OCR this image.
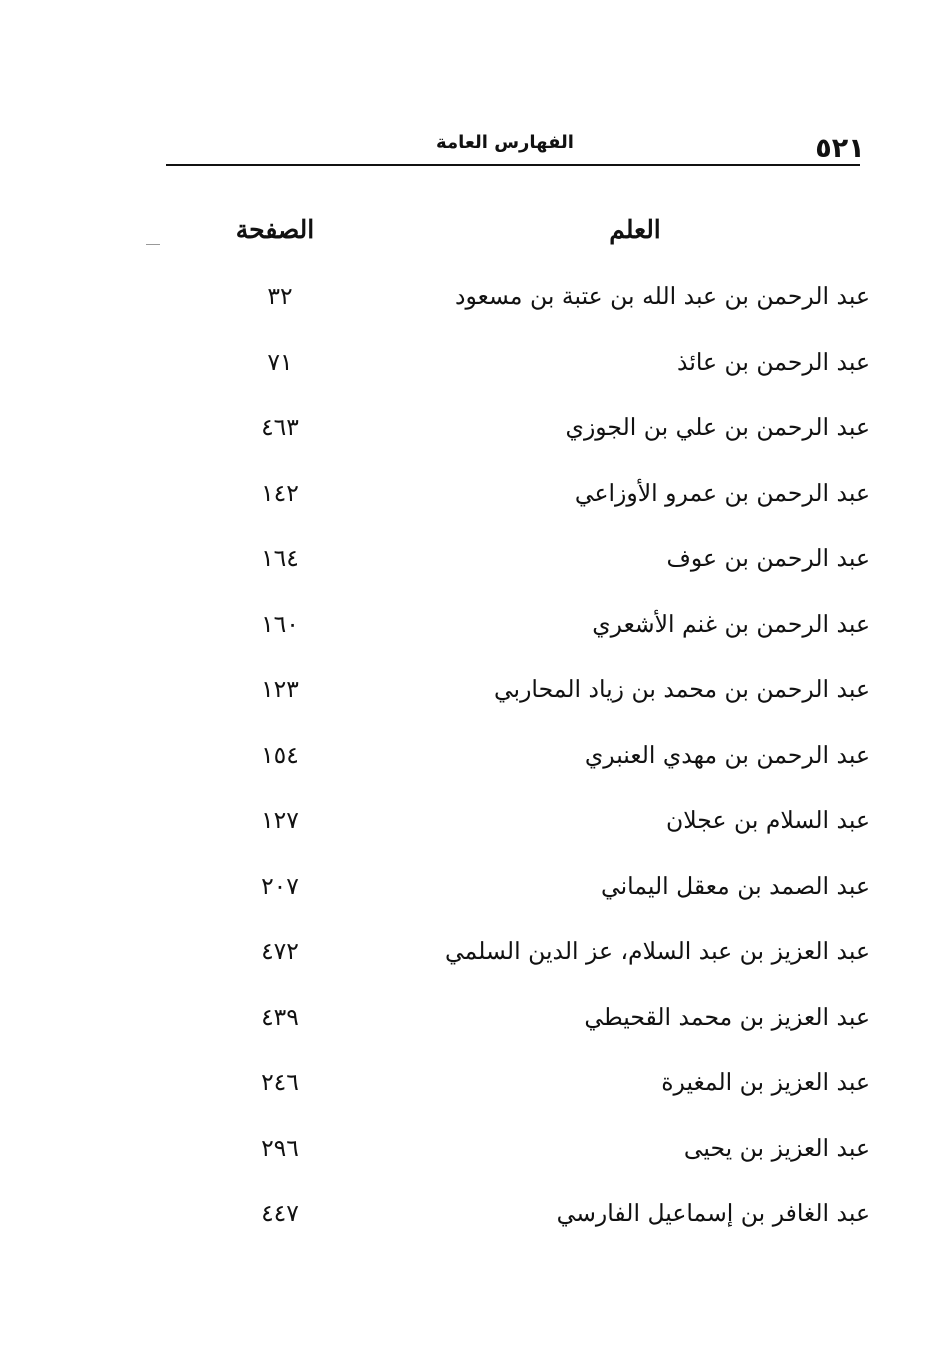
٥٢١
الفهارس العامة
العلم
الصفحة
عبد الرحمن بن عبد الله بن عتبة بن مسعود
٣٢
عبد الرحمن بن عائذ
٧١
عبد الرحمن بن علي بن الجوزي
٤٦٣
عبد الرحمن بن عمرو الأوزاعي
١٤٢
عبد الرحمن بن عوف
١٦٤
عبد الرحمن بن غنم الأشعري
١٦٠
عبد الرحمن بن محمد بن زياد المحاربي
١٢٣
عبد الرحمن بن مهدي العنبري
١٥٤
عبد السلام بن عجلان
١٢٧
عبد الصمد بن معقل اليماني
٢٠٧
عبد العزيز بن عبد السلام، عز الدين السلمي
٤٧٢
عبد العزيز بن محمد القحيطي
٤٣٩
عبد العزيز بن المغيرة
٢٤٦
عبد العزيز بن يحيى
٢٩٦
عبد الغافر بن إسماعيل الفارسي
٤٤٧
